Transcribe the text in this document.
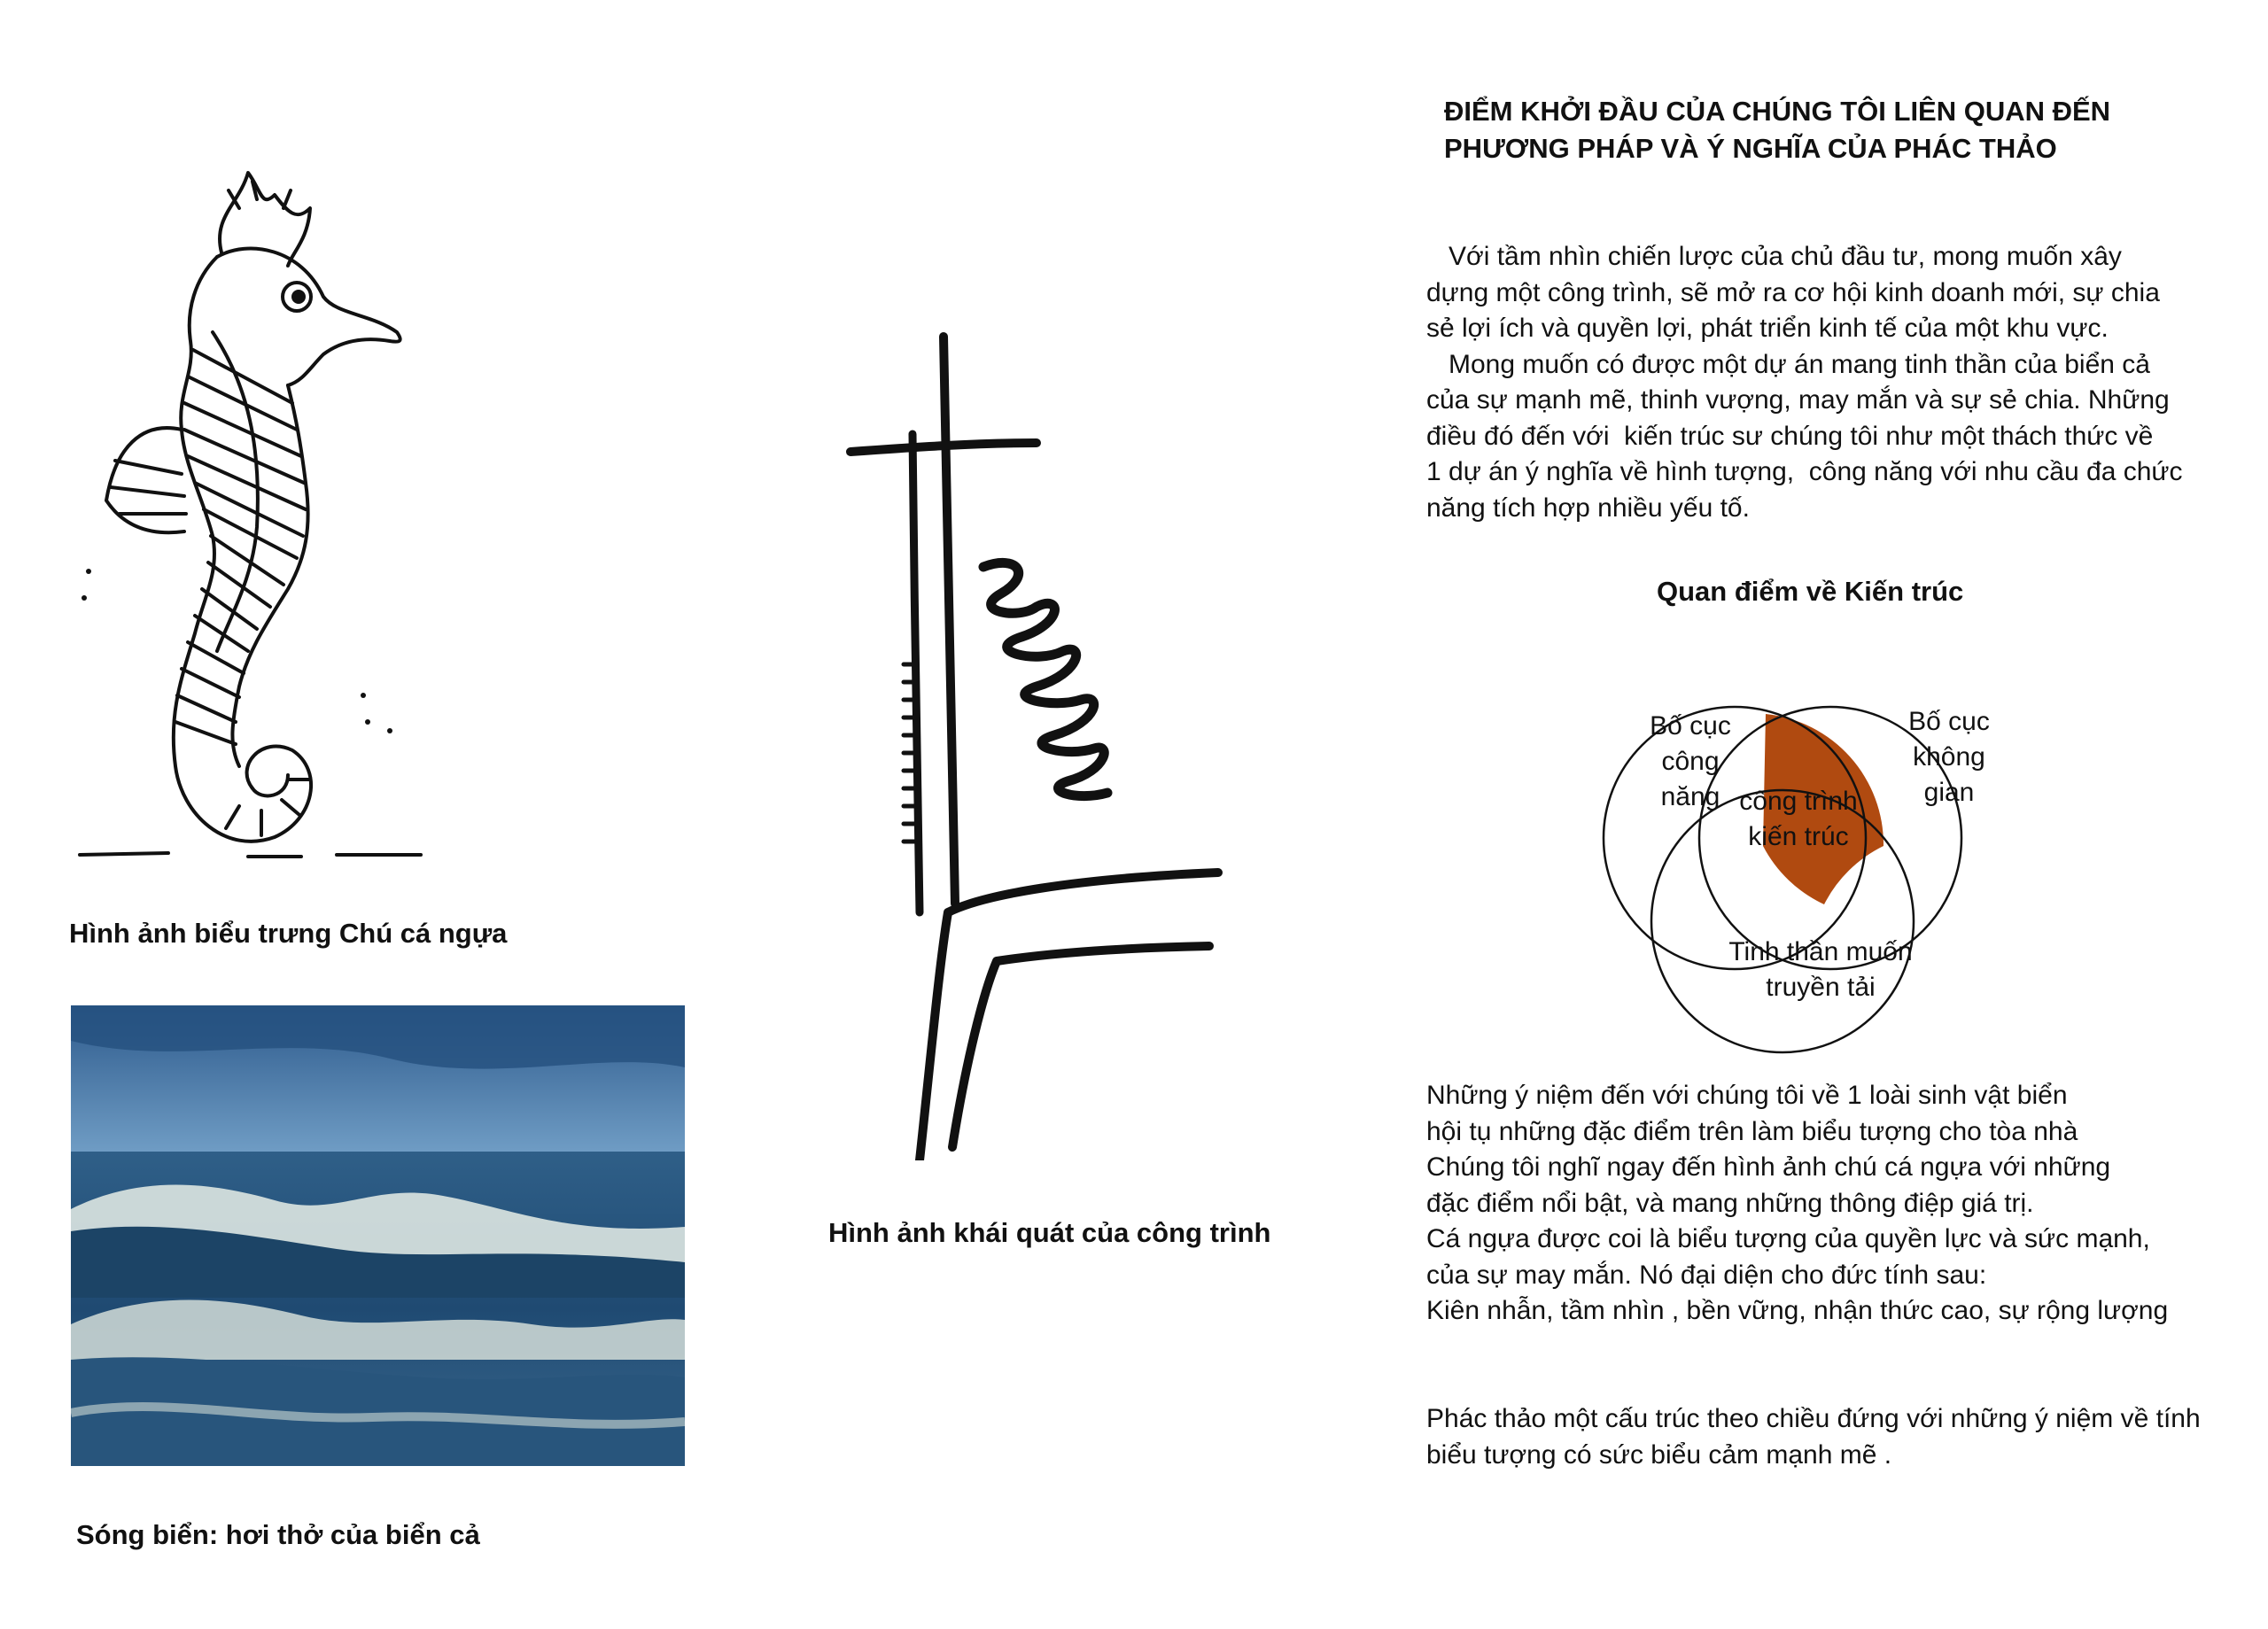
Hình ảnh biểu trưng Chú cá ngựa
Sóng biển: hơi thở của biển cả
Hình ảnh khái quát của công trình
ĐIỂM KHỞI ĐẦU CỦA CHÚNG TÔI LIÊN QUAN ĐẾN
PHƯƠNG PHÁP VÀ Ý NGHĨA CỦA PHÁC THẢO

Với tầm nhìn chiến lược của chủ đầu tư, mong muốn xây

dựng một công trình, sẽ mở ra cơ hội kinh doanh mới, sự chia

sẻ lợi ích và quyền lợi, phát triển kinh tế của một khu vực.

Mong muốn có được một dự án mang tinh thần của biển cả

của sự mạnh mẽ, thinh vượng, may mắn và sự sẻ chia. Những

điều đó đến với  kiến trúc sư chúng tôi như một thách thức về

1 dự án ý nghĩa về hình tượng,  công năng với nhu cầu đa chức

năng tích hợp nhiều yếu tố.

Quan điểm về Kiến trúc
Bố cục
công
năng
Bố cục
không
gian
công trình
kiến trúc
Tinh thần muốn
truyền tải

Những ý niệm đến với chúng tôi về 1 loài sinh vật biển

hội tụ những đặc điểm trên làm biểu tượng cho tòa nhà

Chúng tôi nghĩ ngay đến hình ảnh chú cá ngựa với những

đặc điểm nổi bật, và mang những thông điệp giá trị.

Cá ngựa được coi là biểu tượng của quyền lực và sức mạnh,

của sự may mắn. Nó đại diện cho đức tính sau:

Kiên nhẫn, tầm nhìn , bền vững, nhận thức cao, sự rộng lượng

Phác thảo một cấu trúc theo chiều đứng với những ý niệm về tính

biểu tượng có sức biểu cảm mạnh mẽ .
